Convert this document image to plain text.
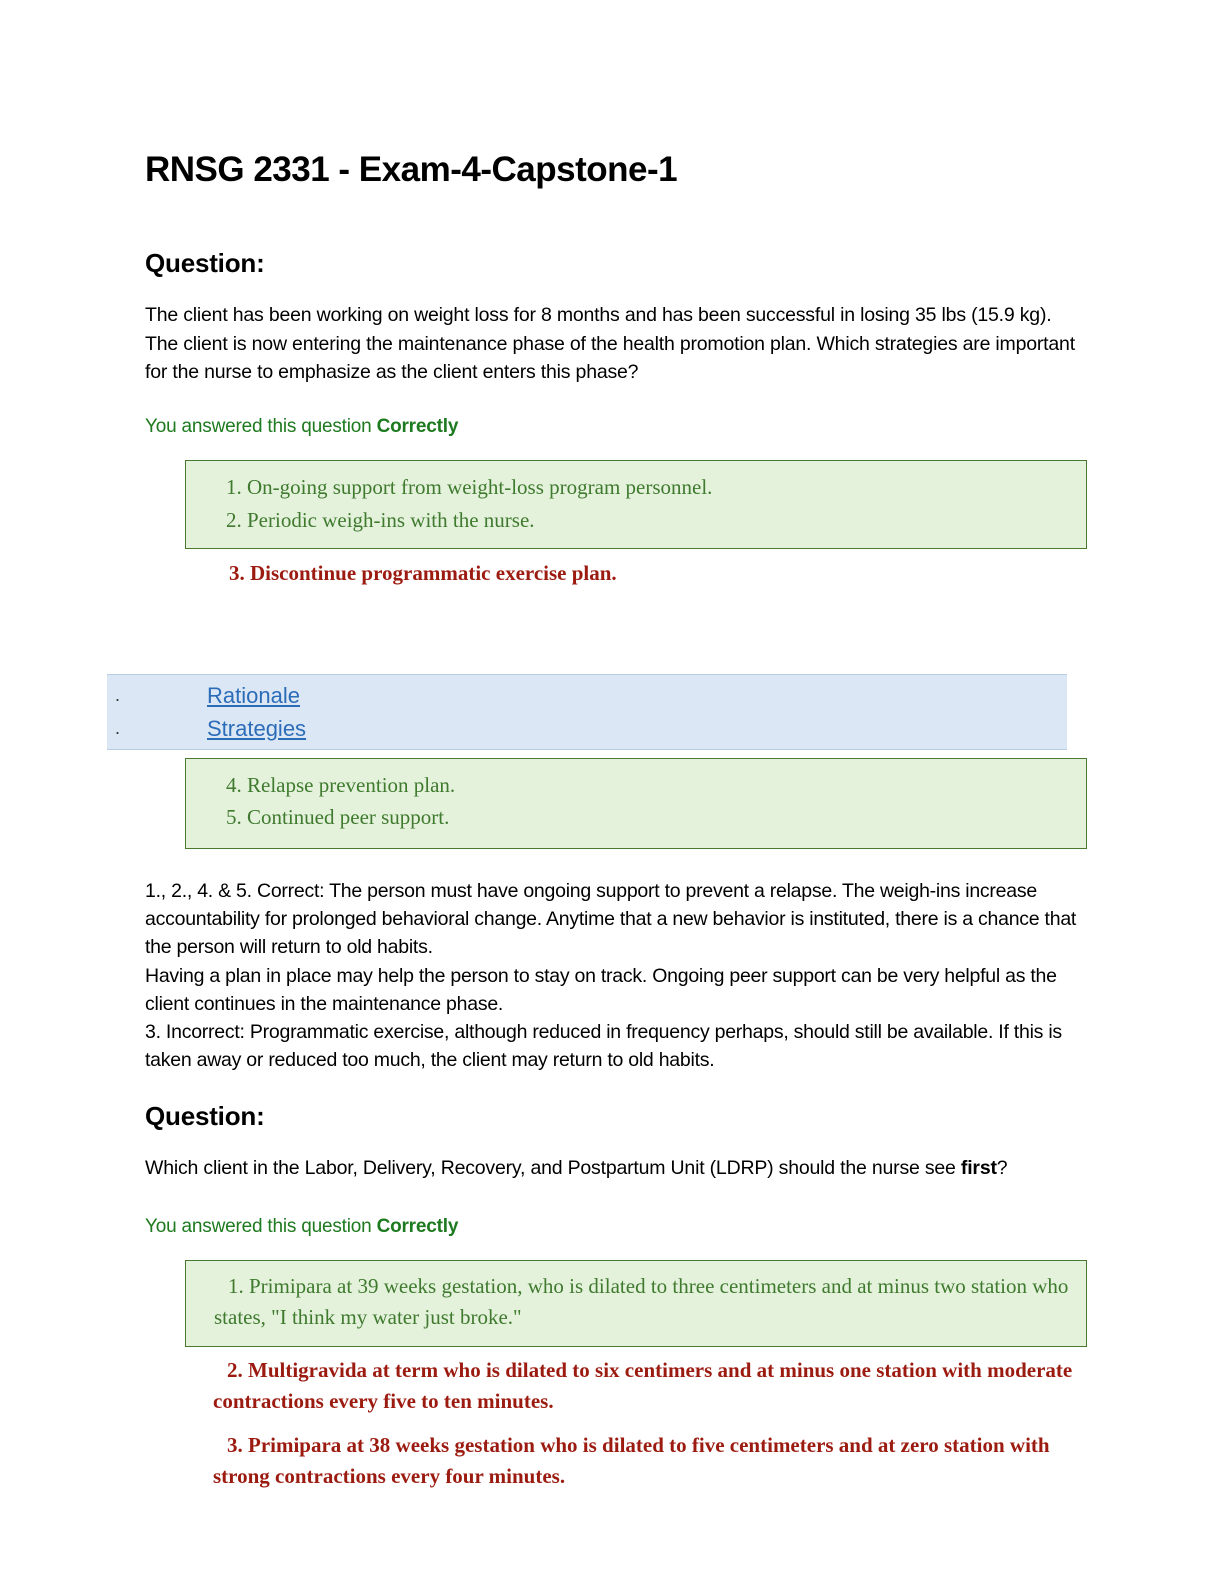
RNSG 2331 - Exam-4-Capstone-1
Question:

The client has been working on weight loss for 8 months and has been successful in losing 35 lbs (15.9 kg). The client is now entering the maintenance phase of the health promotion plan. Which strategies are important for the nurse to emphasize as the client enters this phase?

You answered this question Correctly

1. On-going support from weight-loss program personnel.
2. Periodic weigh-ins with the nurse.
3. Discontinue programmatic exercise plan.
.	Rationale
.	Strategies
4. Relapse prevention plan.
5. Continued peer support.

1., 2., 4. & 5. Correct: The person must have ongoing support to prevent a relapse. The weigh-ins increase accountability for prolonged behavioral change. Anytime that a new behavior is instituted, there is a chance that the person will return to old habits.

Having a plan in place may help the person to stay on track. Ongoing peer support can be very helpful as the client continues in the maintenance phase.

3. Incorrect: Programmatic exercise, although reduced in frequency perhaps, should still be available. If this is taken away or reduced too much, the client may return to old habits.

Question:

Which client in the Labor, Delivery, Recovery, and Postpartum Unit (LDRP) should the nurse see first?

You answered this question Correctly

1. Primipara at 39 weeks gestation, who is dilated to three centimeters and at minus two station who states, "I think my water just broke."
2. Multigravida at term who is dilated to six centimers and at minus one station with moderate contractions every five to ten minutes.
3. Primipara at 38 weeks gestation who is dilated to five centimeters and at zero station with strong contractions every four minutes.
